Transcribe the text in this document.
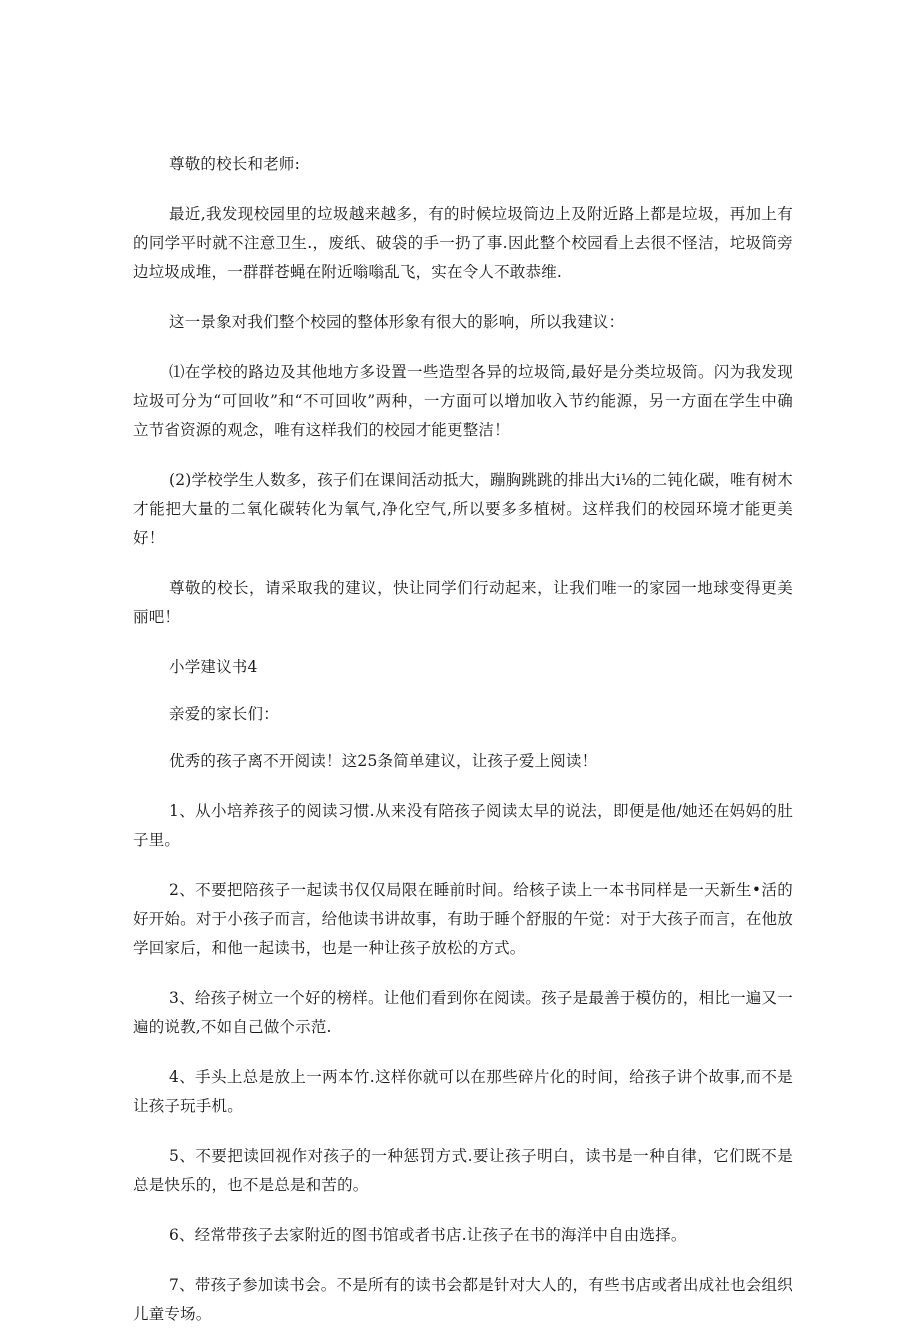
尊敬的校长和老师:

最近,我发现校园里的垃圾越来越多，有的时候垃圾筒边上及附近路上都是垃圾，再加上有的同学平时就不注意卫生.，废纸、破袋的手一扔了事.因此整个校园看上去很不怪洁，坨圾筒旁边垃圾成堆，一群群苍蝇在附近嗡嗡乱飞，实在令人不敢恭维.

这一景象对我们整个校园的整体形象有很大的影响，所以我建议：

⑴在学校的路边及其他地方多设置一些造型各异的垃圾筒,最好是分类垃圾筒。闪为我发现垃圾可分为“可回收”和“不可回收”两种，一方面可以增加收入节约能源，另一方面在学生中确立节省资源的观念，唯有这样我们的校园才能更整洁！

(2)学校学生人数多，孩子们在课间活动抵大，蹦胸跳跳的排出大i⅛的二钝化碳，唯有树木才能把大量的二氧化碳转化为氧气,净化空气,所以要多多植树。这样我们的校园环境才能更美好！

尊敬的校长，请采取我的建议，快让同学们行动起来，让我们唯一的家园一地球变得更美丽吧！

小学建议书4

亲爱的家长们：

优秀的孩子离不开阅读！这25条简单建议，让孩子爱上阅读！

1、从小培养孩子的阅读习惯.从来没有陪孩子阅读太早的说法，即便是他/她还在妈妈的肚子里。

2、不要把陪孩子一起读书仅仅局限在睡前时间。给核子读上一本书同样是一天新生•活的好开始。对于小孩子而言，给他读书讲故事，有助于睡个舒服的午觉：对于大孩子而言，在他放学回家后，和他一起读书，也是一种让孩子放松的方式。

3、给孩子树立一个好的榜样。让他们看到你在阅读。孩子是最善于模仿的，相比一遍又一遍的说教,不如自己做个示范.

4、手头上总是放上一两本竹.这样你就可以在那些碎片化的时间，给孩子讲个故事,而不是让孩子玩手机。

5、不要把读回视作对孩子的一种惩罚方式.要让孩子明白，读书是一种自律，它们既不是总是快乐的，也不是总是和苦的。

6、经常带孩子去家附近的图书馆或者书店.让孩子在书的海洋中自由选择。

7、带孩子参加读书会。不是所有的读书会都是针对大人的，有些书店或者出成社也会组织儿童专场。
